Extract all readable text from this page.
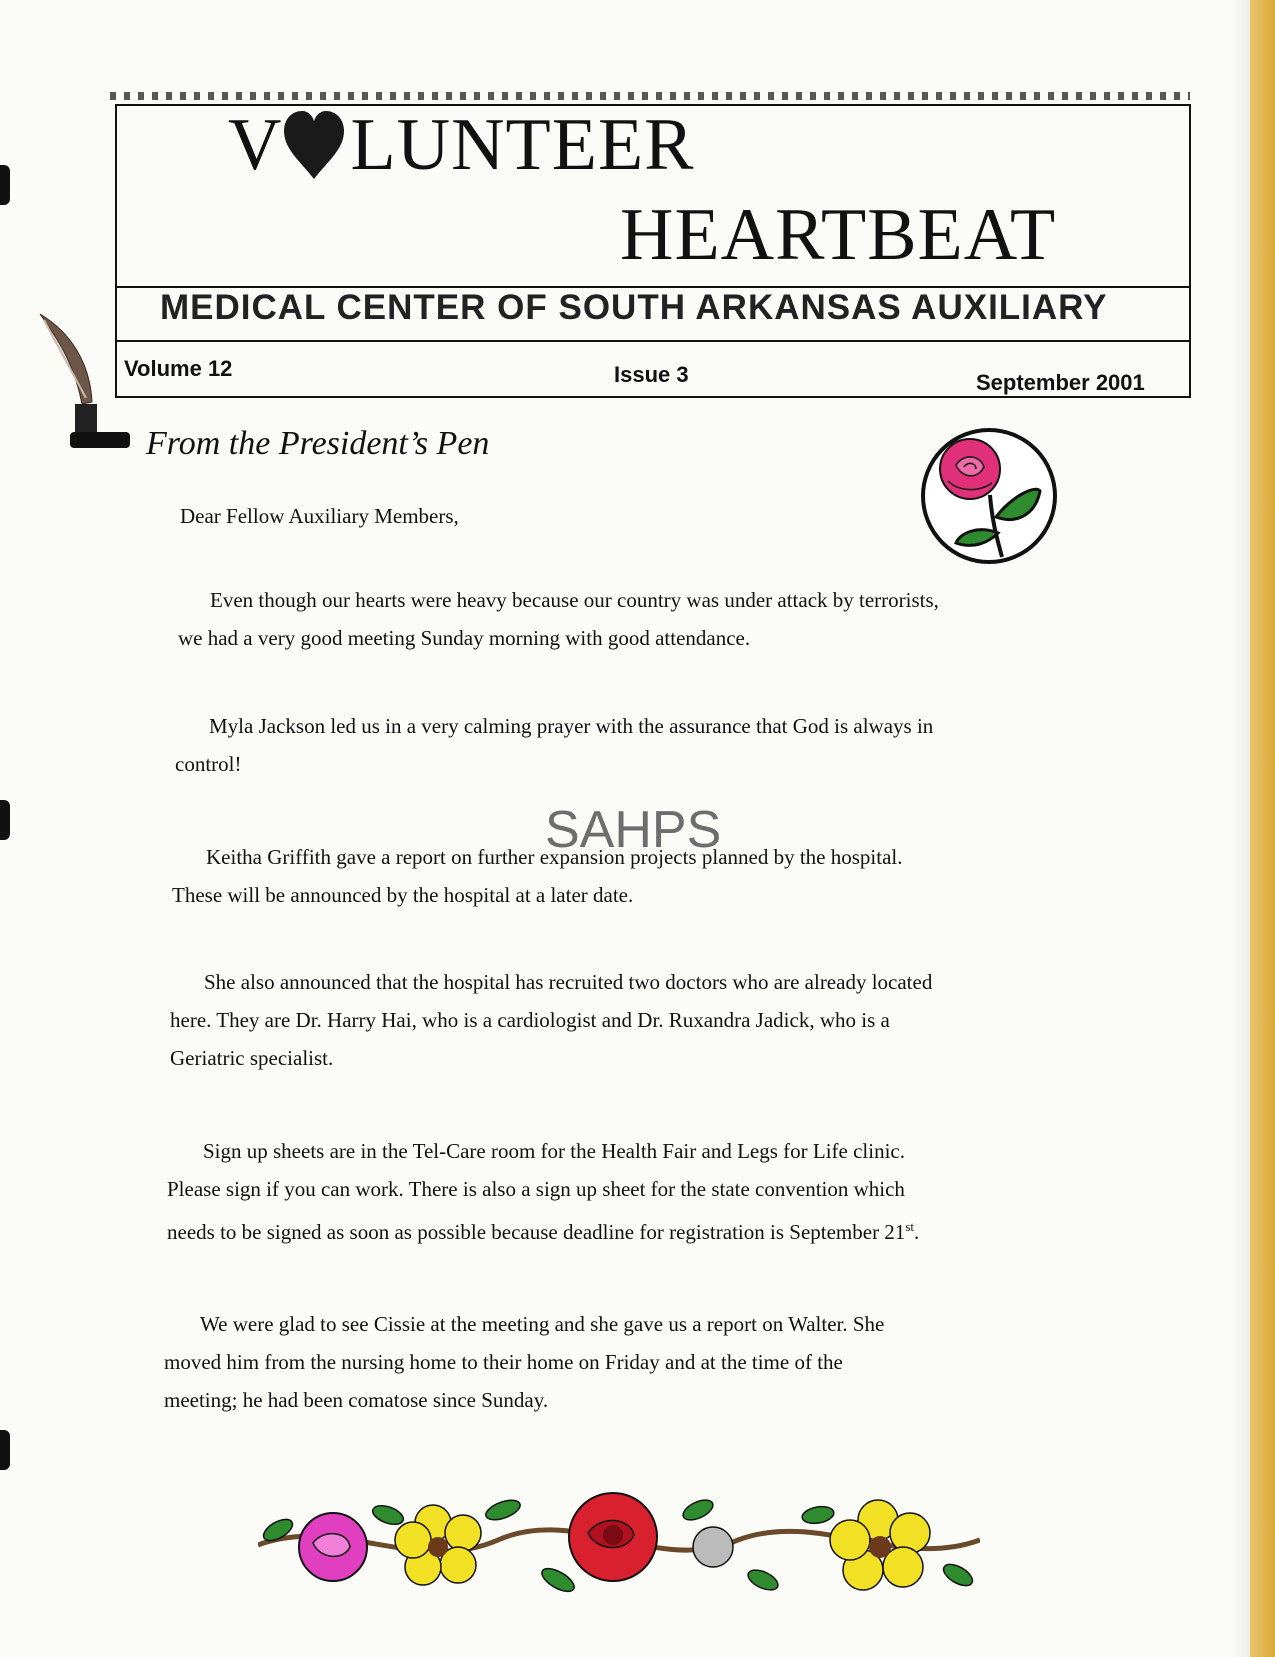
V LUNTEER
HEARTBEAT
MEDICAL CENTER OF SOUTH ARKANSAS AUXILIARY
Volume 12	Issue 3	September 2001
From the President’s Pen
Dear Fellow Auxiliary Members,
Even though our hearts were heavy because our country was under attack by terrorists,
we had a very good meeting Sunday morning with good attendance.
Myla Jackson led us in a very calming prayer with the assurance that God is always in
control!
Keitha Griffith gave a report on further expansion projects planned by the hospital.
These will be announced by the hospital at a later date.
She also announced that the hospital has recruited two doctors who are already located
here. They are Dr. Harry Hai, who is a cardiologist and Dr. Ruxandra Jadick, who is a
Geriatric specialist.
Sign up sheets are in the Tel-Care room for the Health Fair and Legs for Life clinic.
Please sign if you can work. There is also a sign up sheet for the state convention which
needs to be signed as soon as possible because deadline for registration is September 21st.
We were glad to see Cissie at the meeting and she gave us a report on Walter. She
moved him from the nursing home to their home on Friday and at the time of the
meeting; he had been comatose since Sunday.
SAHPS
